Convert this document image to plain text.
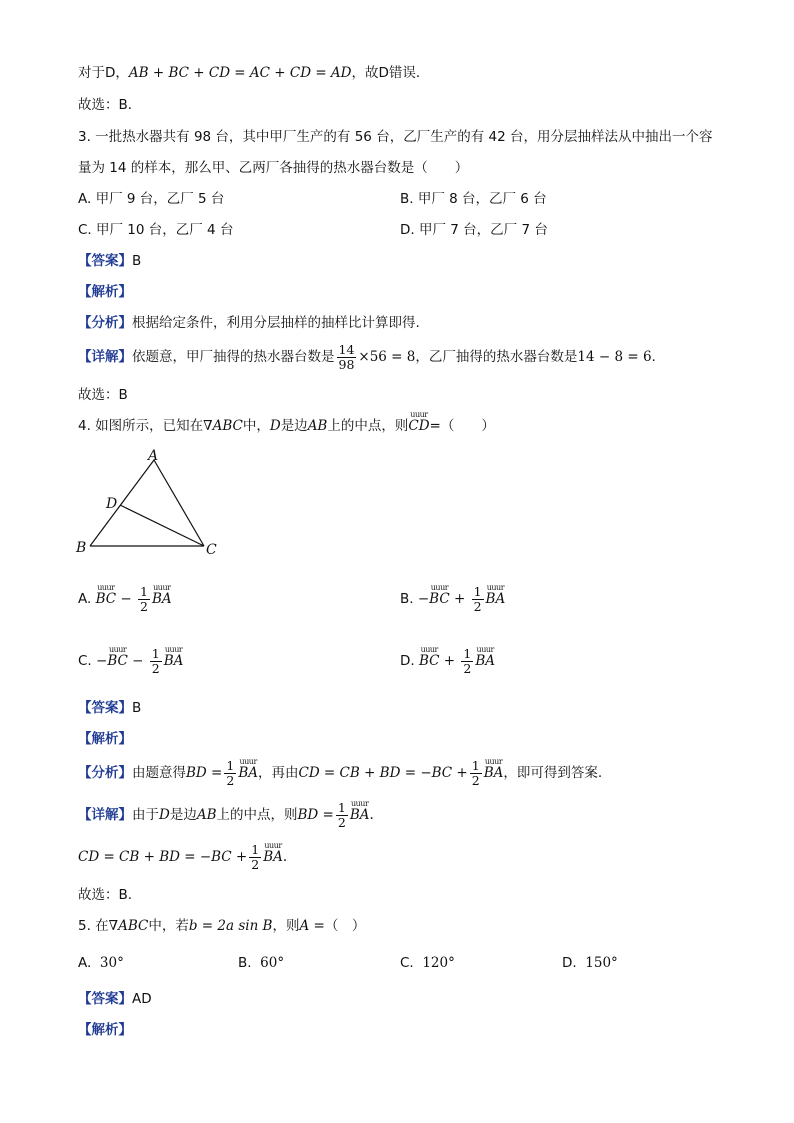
对于D，AB + BC + CD = AC + CD = AD，故D错误．
故选：B．
3. 一批热水器共有 98 台，其中甲厂生产的有 56 台，乙厂生产的有 42 台，用分层抽样法从中抽出一个容
量为 14 的样本，那么甲、乙两厂各抽得的热水器台数是（　　）
A. 甲厂 9 台，乙厂 5 台	B. 甲厂 8 台，乙厂 6 台
C. 甲厂 10 台，乙厂 4 台	D. 甲厂 7 台，乙厂 7 台
【答案】B
【解析】
【分析】根据给定条件，利用分层抽样的抽样比计算即得.
【详解】依题意，甲厂抽得的热水器台数是 $\frac{14}{98} \times 56 = 8$，乙厂抽得的热水器台数是14 − 8 = 6.
故选：B
4. 如图所示，已知在∇ABC中，D是边AB上的中点，则uuur CD=（　　）
A
B	C
D
A. uuur BC − $\frac{1}{2}$ uuur BA	B. −uuur BC + $\frac{1}{2}$ uuur BA
C. −uuur BC − $\frac{1}{2}$ uuur BA	D. uuur BC + $\frac{1}{2}$ uuur BA
【答案】B
【解析】
【分析】由题意得BD = $\frac{1}{2}$ uuur BA，再由CD = CB + BD = $-BC + \frac{1}{2}$ uuur BA，即可得到答案.
【详解】由于D是边AB上的中点，则BD = $\frac{1}{2}$ uuur BA.
CD = CB + BD = $-BC + \frac{1}{2}$ uuur BA.
故选：B.
5. 在∇ABC中，若b = 2a sin B，则A =（　）
A. 30°	B. 60°	C. 120°	D. 150°
【答案】AD
【解析】
